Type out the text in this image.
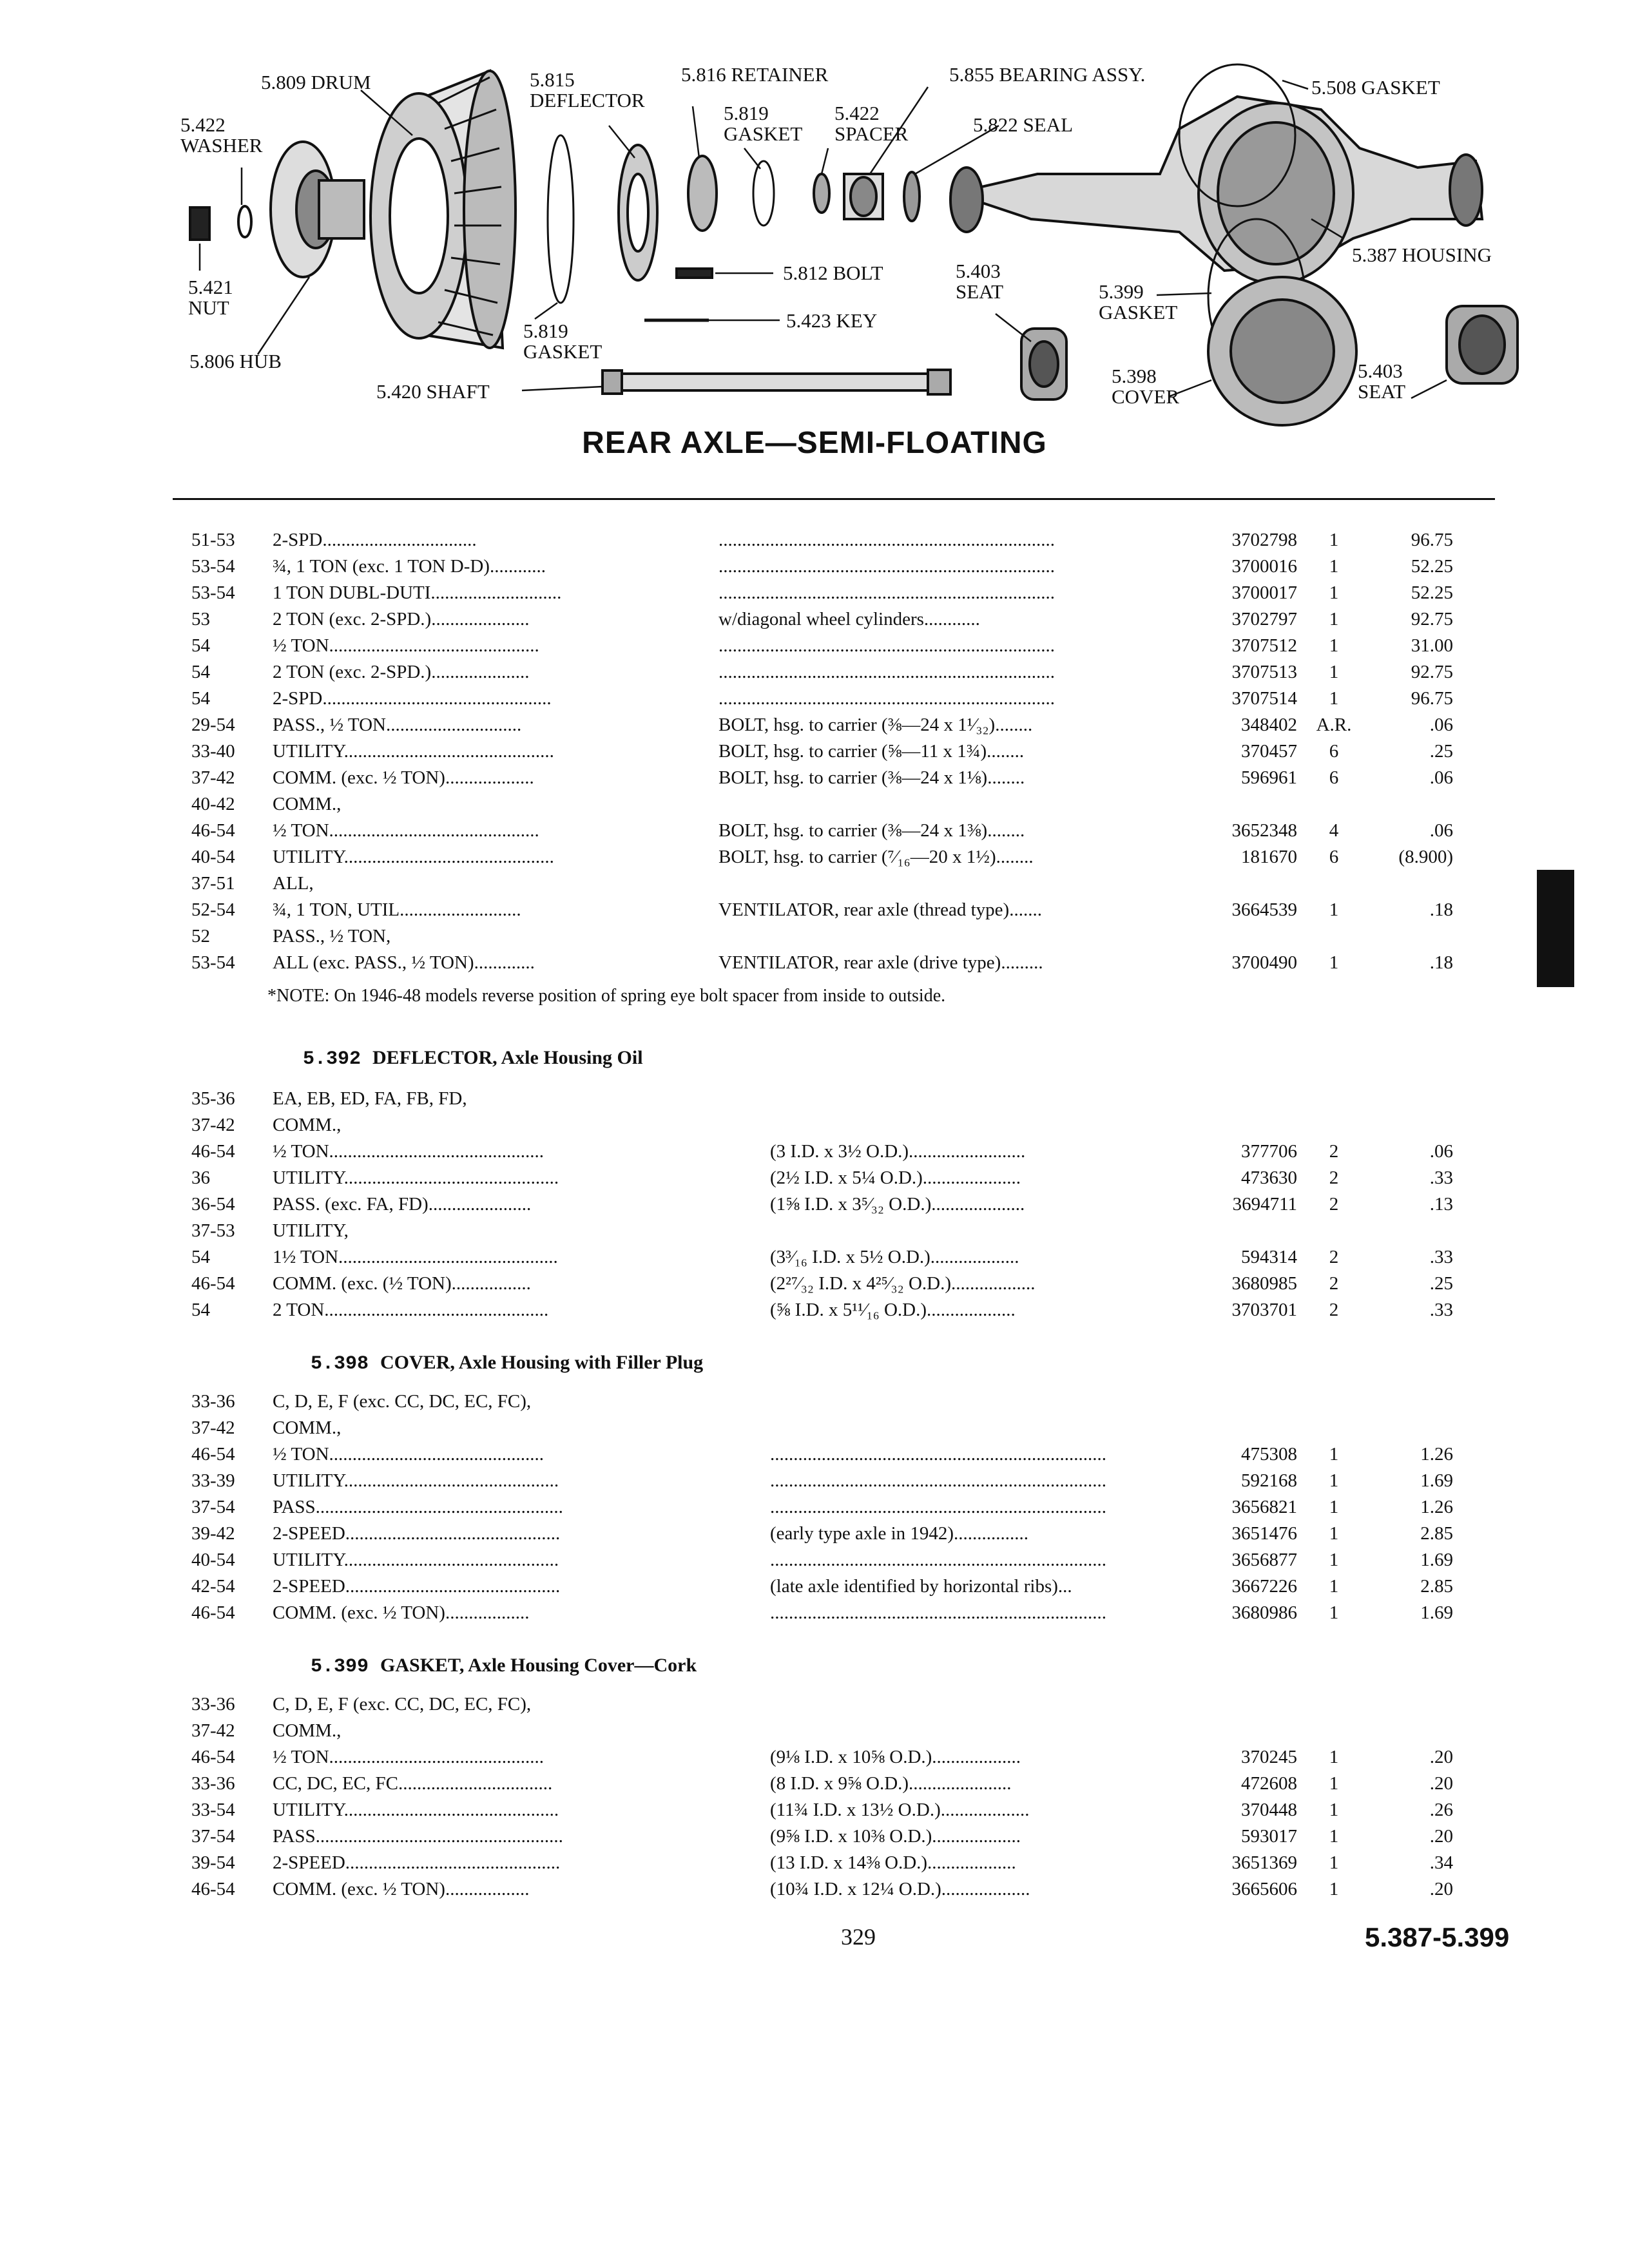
5.809 DRUM
5.422
WASHER
5.421
NUT
5.806 HUB
5.815
DEFLECTOR
5.819
GASKET
5.420 SHAFT
5.816 RETAINER
5.819
GASKET
5.422
SPACER
5.855 BEARING ASSY.
5.822 SEAL
5.508 GASKET
5.387 HOUSING
5.812 BOLT
5.423 KEY
5.403
SEAT	5.399
GASKET
5.398
COVER
5.403
SEAT
REAR AXLE—SEMI-FLOATING
51-53 2-SPD.................................	........................................................................	3702798	1	96.75
53-54 ¾, 1 TON (exc. 1 TON D-D)............	........................................................................	3700016	1	52.25
53-54 1 TON DUBL-DUTI............................	........................................................................	3700017	1	52.25
53	2 TON (exc. 2-SPD.).....................	w/diagonal wheel cylinders............	3702797	1	92.75
54	½ TON.............................................	........................................................................	3707512	1	31.00
54	2 TON (exc. 2-SPD.).....................	........................................................................	3707513	1	92.75
54	2-SPD.................................................	........................................................................	3707514	1	96.75
29-54 PASS., ½ TON.............................	BOLT, hsg. to carrier (⅜—24 x 1¹⁄₃₂)........	348402 A.R.	.06
33-40 UTILITY.............................................	BOLT, hsg. to carrier (⅝—11 x 1¾)........	370457	6	.25
37-42 COMM. (exc. ½ TON)...................	BOLT, hsg. to carrier (⅜—24 x 1⅛)........	596961	6	.06
40-42 COMM.,
46-54 ½ TON.............................................	BOLT, hsg. to carrier (⅜—24 x 1⅜)........	3652348	4	.06
40-54 UTILITY.............................................	BOLT, hsg. to carrier (⁷⁄₁₆—20 x 1½)........	181670	6	(8.900)
37-51 ALL,
52-54 ¾, 1 TON, UTIL..........................	VENTILATOR, rear axle (thread type).......	3664539	1	.18
52	PASS., ½ TON,
53-54 ALL (exc. PASS., ½ TON).............	VENTILATOR, rear axle (drive type).........	3700490	1	.18
*NOTE: On 1946-48 models reverse position of spring eye bolt spacer from inside to outside.
5.392 DEFLECTOR, Axle Housing Oil
35-36 EA, EB, ED, FA, FB, FD,
37-42 COMM.,
46-54 ½ TON..............................................	(3 I.D. x 3½ O.D.).........................	377706	2	.06
36	UTILITY..............................................	(2½ I.D. x 5¼ O.D.).....................	473630	2	.33
36-54 PASS. (exc. FA, FD)......................	(1⅝ I.D. x 3⁵⁄₃₂ O.D.)....................	3694711	2	.13
37-53 UTILITY,
54	1½ TON...............................................	(3³⁄₁₆ I.D. x 5½ O.D.)...................	594314	2	.33
46-54 COMM. (exc. (½ TON).................	(2²⁷⁄₃₂ I.D. x 4²⁵⁄₃₂ O.D.)..................	3680985	2	.25
54	2 TON................................................	(⅝ I.D. x 5¹¹⁄₁₆ O.D.)...................	3703701	2	.33
5.398 COVER, Axle Housing with Filler Plug
33-36 C, D, E, F (exc. CC, DC, EC, FC),
37-42 COMM.,
46-54 ½ TON..............................................	........................................................................	475308	1	1.26
33-39 UTILITY..............................................	........................................................................	592168	1	1.69
37-54 PASS.....................................................	........................................................................	3656821	1	1.26
39-42 2-SPEED..............................................	(early type axle in 1942)................	3651476	1	2.85
40-54 UTILITY..............................................	........................................................................	3656877	1	1.69
42-54 2-SPEED..............................................	(late axle identified by horizontal ribs)...	3667226	1	2.85
46-54 COMM. (exc. ½ TON)..................	........................................................................	3680986	1	1.69
5.399 GASKET, Axle Housing Cover—Cork
33-36 C, D, E, F (exc. CC, DC, EC, FC),
37-42 COMM.,
46-54 ½ TON..............................................	(9⅛ I.D. x 10⅝ O.D.)...................	370245	1	.20
33-36 CC, DC, EC, FC.................................	(8 I.D. x 9⅝ O.D.)......................	472608	1	.20
33-54 UTILITY..............................................	(11¾ I.D. x 13½ O.D.)...................	370448	1	.26
37-54 PASS.....................................................	(9⅝ I.D. x 10⅜ O.D.)...................	593017	1	.20
39-54 2-SPEED..............................................	(13 I.D. x 14⅜ O.D.)...................	3651369	1	.34
46-54 COMM. (exc. ½ TON)..................	(10¾ I.D. x 12¼ O.D.)...................	3665606	1	.20
329	5.387-5.399
